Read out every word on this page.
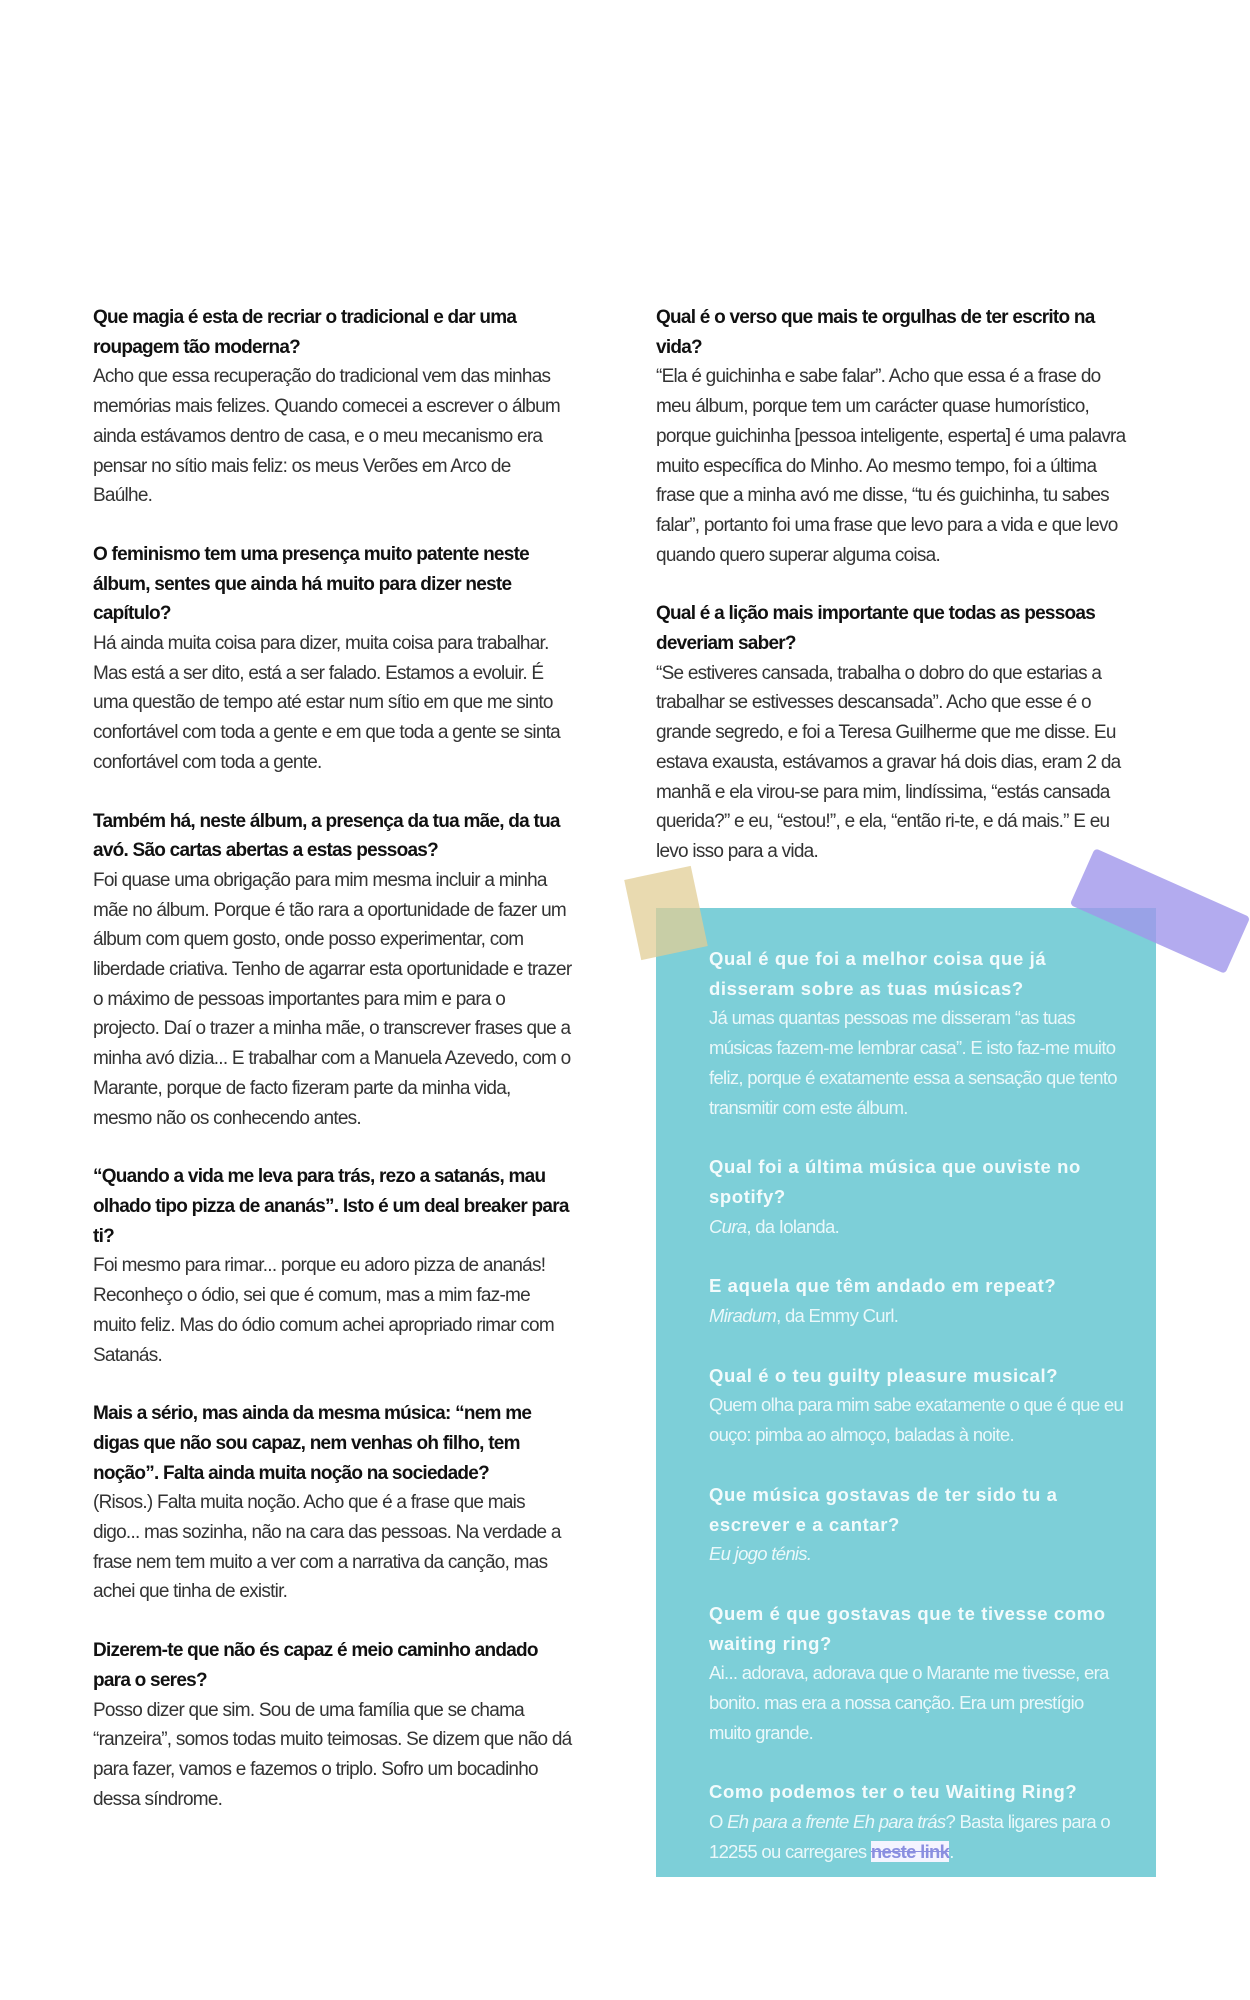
Que magia é esta de recriar o tradicional e dar uma roupagem tão moderna?
Acho que essa recuperação do tradicional vem das minhas memórias mais felizes. Quando comecei a escrever o álbum ainda estávamos dentro de casa, e o meu mecanismo era pensar no sítio mais feliz: os meus Verões em Arco de Baúlhe.
O feminismo tem uma presença muito patente neste álbum, sentes que ainda há muito para dizer neste capítulo?
Há ainda muita coisa para dizer, muita coisa para trabalhar. Mas está a ser dito, está a ser falado. Estamos a evoluir. É uma questão de tempo até estar num sítio em que me sinto confortável com toda a gente e em que toda a gente se sinta confortável com toda a gente.
Também há, neste álbum, a presença da tua mãe, da tua avó. São cartas abertas a estas pessoas?
Foi quase uma obrigação para mim mesma incluir a minha mãe no álbum. Porque é tão rara a oportunidade de fazer um álbum com quem gosto, onde posso experimentar, com liberdade criativa. Tenho de agarrar esta oportunidade e trazer o máximo de pessoas importantes para mim e para o projecto. Daí o trazer a minha mãe, o transcrever frases que a minha avó dizia... E trabalhar com a Manuela Azevedo, com o Marante, porque de facto fizeram parte da minha vida, mesmo não os conhecendo antes.
“Quando a vida me leva para trás, rezo a satanás, mau olhado tipo pizza de ananás”. Isto é um deal breaker para ti?
Foi mesmo para rimar... porque eu adoro pizza de ananás! Reconheço o ódio, sei que é comum, mas a mim faz-me muito feliz. Mas do ódio comum achei apropriado rimar com Satanás.
Mais a sério, mas ainda da mesma música: “nem me digas que não sou capaz, nem venhas oh filho, tem noção”. Falta ainda muita noção na sociedade?
(Risos.) Falta muita noção. Acho que é a frase que mais digo... mas sozinha, não na cara das pessoas. Na verdade a frase nem tem muito a ver com a narrativa da canção, mas achei que tinha de existir.
Dizerem-te que não és capaz é meio caminho andado para o seres?
Posso dizer que sim. Sou de uma família que se chama “ranzeira”, somos todas muito teimosas. Se dizem que não dá para fazer, vamos e fazemos o triplo. Sofro um bocadinho dessa síndrome.
Qual é o verso que mais te orgulhas de ter escrito na vida?
“Ela é guichinha e sabe falar”. Acho que essa é a frase do meu álbum, porque tem um carácter quase humorístico, porque guichinha [pessoa inteligente, esperta] é uma palavra muito específica do Minho. Ao mesmo tempo, foi a última frase que a minha avó me disse, “tu és guichinha, tu sabes falar”, portanto foi uma frase que levo para a vida e que levo quando quero superar alguma coisa.
Qual é a lição mais importante que todas as pessoas deveriam saber?
“Se estiveres cansada, trabalha o dobro do que estarias a trabalhar se estivesses descansada”. Acho que esse é o grande segredo, e foi a Teresa Guilherme que me disse. Eu estava exausta, estávamos a gravar há dois dias, eram 2 da manhã e ela virou-se para mim, lindíssima, “estás cansada querida?” e eu, “estou!”, e ela, “então ri-te, e dá mais.” E eu levo isso para a vida.
Qual é que foi a melhor coisa que já disseram sobre as tuas músicas?
Já umas quantas pessoas me disseram “as tuas músicas fazem-me lembrar casa”. E isto faz-me muito feliz, porque é exatamente essa a sensação que tento transmitir com este álbum.
Qual foi a última música que ouviste no spotify?
Cura, da Iolanda.
E aquela que têm andado em repeat?
Miradum, da Emmy Curl.
Qual é o teu guilty pleasure musical?
Quem olha para mim sabe exatamente o que é que eu ouço: pimba ao almoço, baladas à noite.
Que música gostavas de ter sido tu a escrever e a cantar?
Eu jogo ténis.
Quem é que gostavas que te tivesse como waiting ring?
Ai... adorava, adorava que o Marante me tivesse, era bonito. mas era a nossa canção. Era um prestígio muito grande.
Como podemos ter o teu Waiting Ring?
O Eh para a frente Eh para trás? Basta ligares para o 12255 ou carregares neste link.
